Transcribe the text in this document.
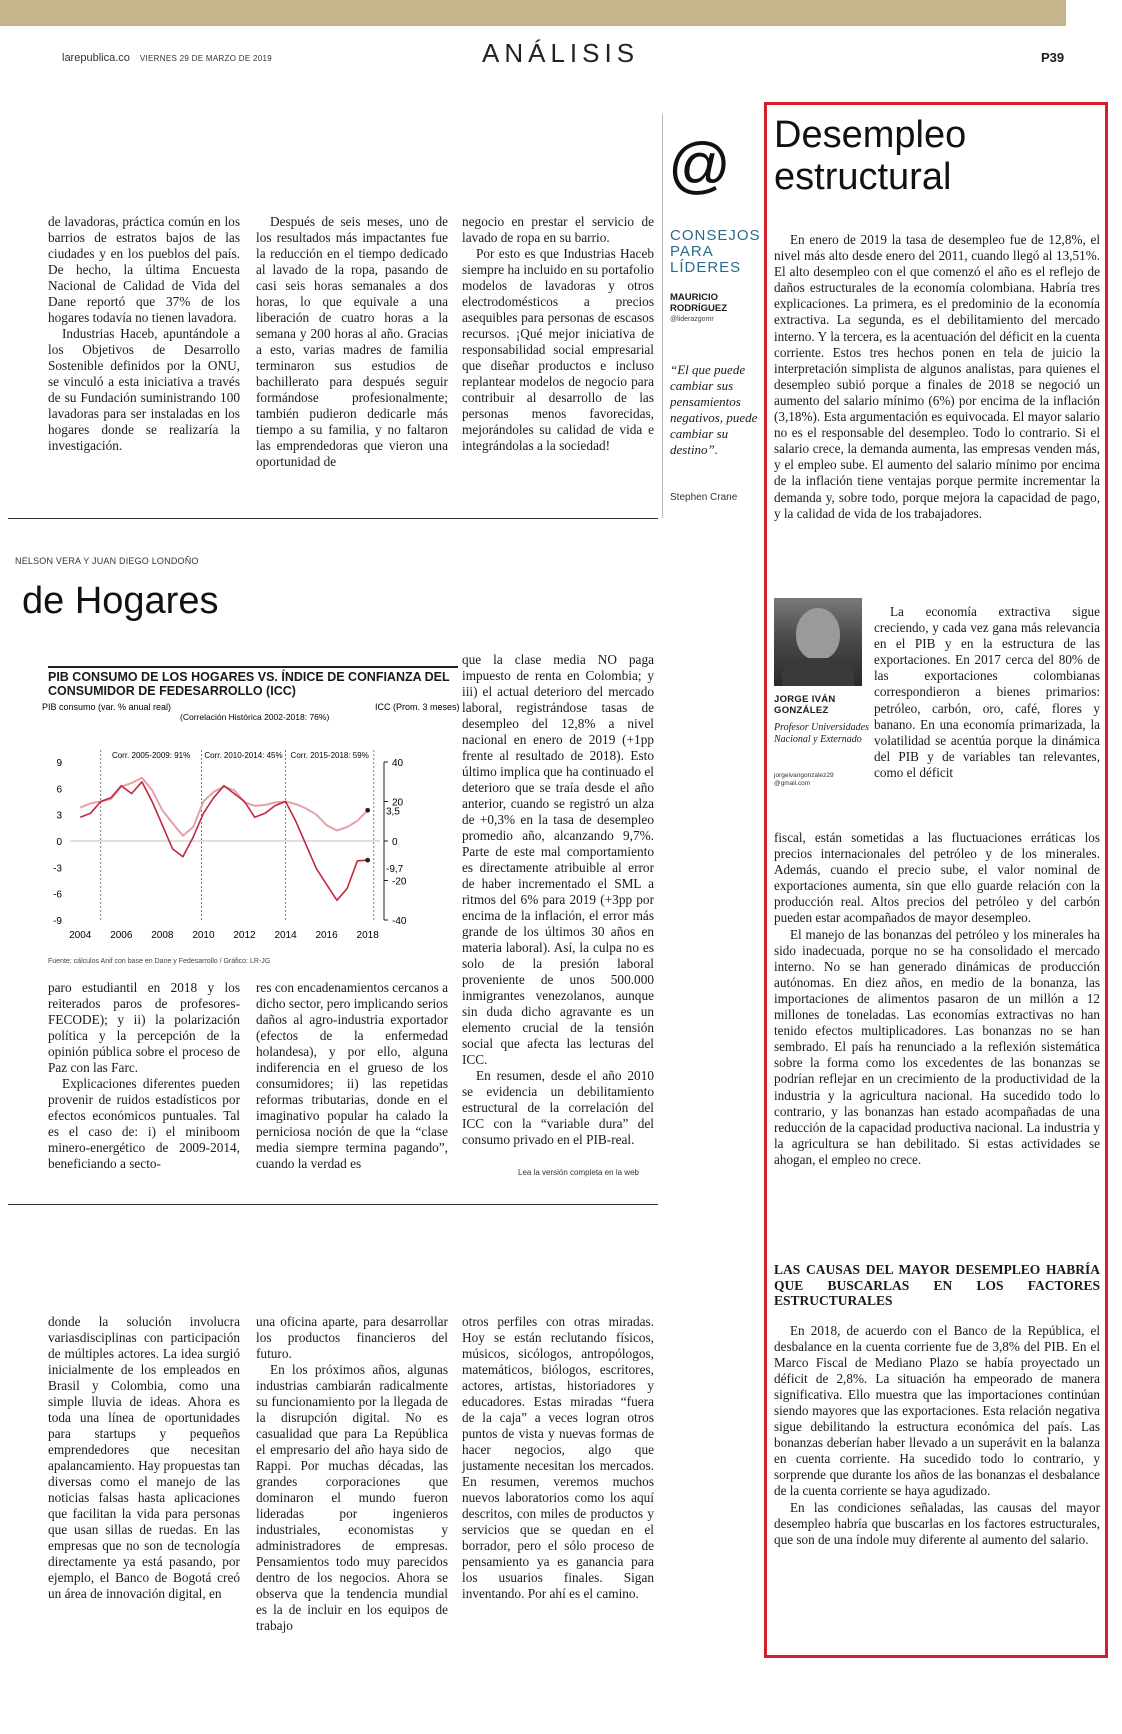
larepublica.co VIERNES 29 DE MARZO DE 2019	ANÁLISIS	P39

de lavadoras, práctica común en los barrios de estratos bajos de las ciudades y en los pueblos del país. De hecho, la última Encuesta Nacional de Calidad de Vida del Dane reportó que 37% de los hogares todavía no tienen lavadora.

Industrias Haceb, apuntándole a los Objetivos de Desarrollo Sostenible definidos por la ONU, se vinculó a esta iniciativa a través de su Fundación suministrando 100 lavadoras para ser instaladas en los hogares donde se realizaría la investigación.

Después de seis meses, uno de los resultados más impactantes fue la reducción en el tiempo dedicado al lavado de la ropa, pasando de casi seis horas semanales a dos horas, lo que equivale a una liberación de cuatro horas a la semana y 200 horas al año. Gracias a esto, varias madres de familia terminaron sus estudios de bachillerato para después seguir formándose profesionalmente; también pudieron dedicarle más tiempo a su familia, y no faltaron las emprendedoras que vieron una oportunidad de

negocio en prestar el servicio de lavado de ropa en su barrio.

Por esto es que Industrias Haceb siempre ha incluido en su portafolio modelos de lavadoras y otros electrodomésticos a precios asequibles para personas de escasos recursos. ¡Qué mejor iniciativa de responsabilidad social empresarial que diseñar productos e incluso replantear modelos de negocio para contribuir al desarrollo de las personas menos favorecidas, mejorándoles su calidad de vida e integrándolas a la sociedad!

NELSON VERA Y JUAN DIEGO LONDOÑO
de Hogares
PIB CONSUMO DE LOS HOGARES VS. ÍNDICE DE CONFIANZA DEL CONSUMIDOR DE FEDESARROLLO (ICC)
PIB consumo (var. % anual real)
(Correlación Histórica 2002-2018: 76%)
ICC (Prom. 3 meses)
9
6
3
0
-3
-6
-9
40
20
0
-20
-40
2004 2006 2008 2010 2012 2014 2016 2018
Corr. 2005-2009: 91% Corr. 2010-2014: 45% Corr. 2015-2018: 59%
3,5
-9,7
Fuente: cálculos Anif con base en Dane y Fedesarrollo / Gráfico: LR-JG

que la clase media NO paga impuesto de renta en Colombia; y iii) el actual deterioro del mercado laboral, registrándose tasas de desempleo del 12,8% a nivel nacional en enero de 2019 (+1pp frente al resultado de 2018). Esto último implica que ha continuado el deterioro que se traía desde el año anterior, cuando se registró un alza de +0,3% en la tasa de desempleo promedio año, alcanzando 9,7%. Parte de este mal comportamiento es directamente atribuible al error de haber incrementado el SML a ritmos del 6% para 2019 (+3pp por encima de la inflación, el error más grande de los últimos 30 años en materia laboral). Así, la culpa no es solo de la presión laboral proveniente de unos 500.000 inmigrantes venezolanos, aunque sin duda dicho agravante es un elemento crucial de la tensión social que afecta las lecturas del ICC.

En resumen, desde el año 2010 se evidencia un debilitamiento estructural de la correlación del ICC con la “variable dura” del consumo privado en el PIB-real.

paro estudiantil en 2018 y los reiterados paros de profesores-FECODE); y ii) la polarización política y la percepción de la opinión pública sobre el proceso de Paz con las Farc.

Explicaciones diferentes pueden provenir de ruidos estadísticos por efectos económicos puntuales. Tal es el caso de: i) el miniboom minero-energético de 2009-2014, beneficiando a secto-

res con encadenamientos cercanos a dicho sector, pero implicando serios daños al agro-industria exportador (efectos de la enfermedad holandesa), y por ello, alguna indiferencia en el grueso de los consumidores; ii) las repetidas reformas tributarias, donde en el imaginativo popular ha calado la perniciosa noción de que la “clase media siempre termina pagando”, cuando la verdad es

Lea la versión completa en la web

donde la solución involucra variasdisciplinas con participación de múltiples actores. La idea surgió inicialmente de los empleados en Brasil y Colombia, como una simple lluvia de ideas. Ahora es toda una línea de oportunidades para startups y pequeños emprendedores que necesitan apalancamiento. Hay propuestas tan diversas como el manejo de las noticias falsas hasta aplicaciones que facilitan la vida para personas que usan sillas de ruedas. En las empresas que no son de tecnología directamente ya está pasando, por ejemplo, el Banco de Bogotá creó un área de innovación digital, en

una oficina aparte, para desarrollar los productos financieros del futuro.

En los próximos años, algunas industrias cambiarán radicalmente su funcionamiento por la llegada de la disrupción digital. No es casualidad que para La República el empresario del año haya sido de Rappi. Por muchas décadas, las grandes corporaciones que dominaron el mundo fueron lideradas por ingenieros industriales, economistas y administradores de empresas. Pensamientos todo muy parecidos dentro de los negocios. Ahora se observa que la tendencia mundial es la de incluir en los equipos de trabajo

otros perfiles con otras miradas. Hoy se están reclutando físicos, músicos, sicólogos, antropólogos, matemáticos, biólogos, escritores, actores, artistas, historiadores y educadores. Estas miradas “fuera de la caja” a veces logran otros puntos de vista y nuevas formas de hacer negocios, algo que justamente necesitan los mercados. En resumen, veremos muchos nuevos laboratorios como los aquí descritos, con miles de productos y servicios que se quedan en el borrador, pero el sólo proceso de pensamiento ya es ganancia para los usuarios finales. Sigan inventando. Por ahí es el camino.

@
CONSEJOS PARA LÍDERES
MAURICIO RODRÍGUEZ
@liderazgomr
“El que puede cambiar sus pensamientos negativos, puede cambiar su destino”.
Stephen Crane
Desempleo
estructural

En enero de 2019 la tasa de desempleo fue de 12,8%, el nivel más alto desde enero del 2011, cuando llegó al 13,51%. El alto desempleo con el que comenzó el año es el reflejo de daños estructurales de la economía colombiana. Habría tres explicaciones. La primera, es el predominio de la economía extractiva. La segunda, es el debilitamiento del mercado interno. Y la tercera, es la acentuación del déficit en la cuenta corriente. Estos tres hechos ponen en tela de juicio la interpretación simplista de algunos analistas, para quienes el desempleo subió porque a finales de 2018 se negoció un aumento del salario mínimo (6%) por encima de la inflación (3,18%). Esta argumentación es equivocada. El mayor salario no es el responsable del desempleo. Todo lo contrario. Si el salario crece, la demanda aumenta, las empresas venden más, y el empleo sube. El aumento del salario mínimo por encima de la inflación tiene ventajas porque permite incrementar la demanda y, sobre todo, porque mejora la capacidad de pago, y la calidad de vida de los trabajadores.

JORGE IVÁN GONZÁLEZ
Profesor Universidades Nacional y Externado
jorgeivangonzalez29 @gmail.com

La economía extractiva sigue creciendo, y cada vez gana más relevancia en el PIB y en la estructura de las exportaciones. En 2017 cerca del 80% de las exportaciones colombianas correspondieron a bienes primarios: petróleo, carbón, oro, café, flores y banano. En una economía primarizada, la volatilidad se acentúa porque la dinámica del PIB y de variables tan relevantes, como el déficit

fiscal, están sometidas a las fluctuaciones erráticas los precios internacionales del petróleo y de los minerales. Además, cuando el precio sube, el valor nominal de exportaciones aumenta, sin que ello guarde relación con la producción real. Altos precios del petróleo y del carbón pueden estar acompañados de mayor desempleo.

El manejo de las bonanzas del petróleo y los minerales ha sido inadecuada, porque no se ha consolidado el mercado interno. No se han generado dinámicas de producción autónomas. En diez años, en medio de la bonanza, las importaciones de alimentos pasaron de un millón a 12 millones de toneladas. Las economías extractivas no han tenido efectos multiplicadores. Las bonanzas no se han sembrado. El país ha renunciado a la reflexión sistemática sobre la forma como los excedentes de las bonanzas se podrían reflejar en un crecimiento de la productividad de la industria y la agricultura nacional. Ha sucedido todo lo contrario, y las bonanzas han estado acompañadas de una reducción de la capacidad productiva nacional. La industria y la agricultura se han debilitado. Si estas actividades se ahogan, el empleo no crece.

LAS CAUSAS DEL MAYOR DESEMPLEO HABRÍA QUE BUSCARLAS EN LOS FACTORES ESTRUCTURALES

En 2018, de acuerdo con el Banco de la República, el desbalance en la cuenta corriente fue de 3,8% del PIB. En el Marco Fiscal de Mediano Plazo se había proyectado un déficit de 2,8%. La situación ha empeorado de manera significativa. Ello muestra que las importaciones continúan siendo mayores que las exportaciones. Esta relación negativa sigue debilitando la estructura económica del país. Las bonanzas deberían haber llevado a un superávit en la balanza en cuenta corriente. Ha sucedido todo lo contrario, y sorprende que durante los años de las bonanzas el desbalance de la cuenta corriente se haya agudizado.

En las condiciones señaladas, las causas del mayor desempleo habría que buscarlas en los factores estructurales, que son de una índole muy diferente al aumento del salario.
